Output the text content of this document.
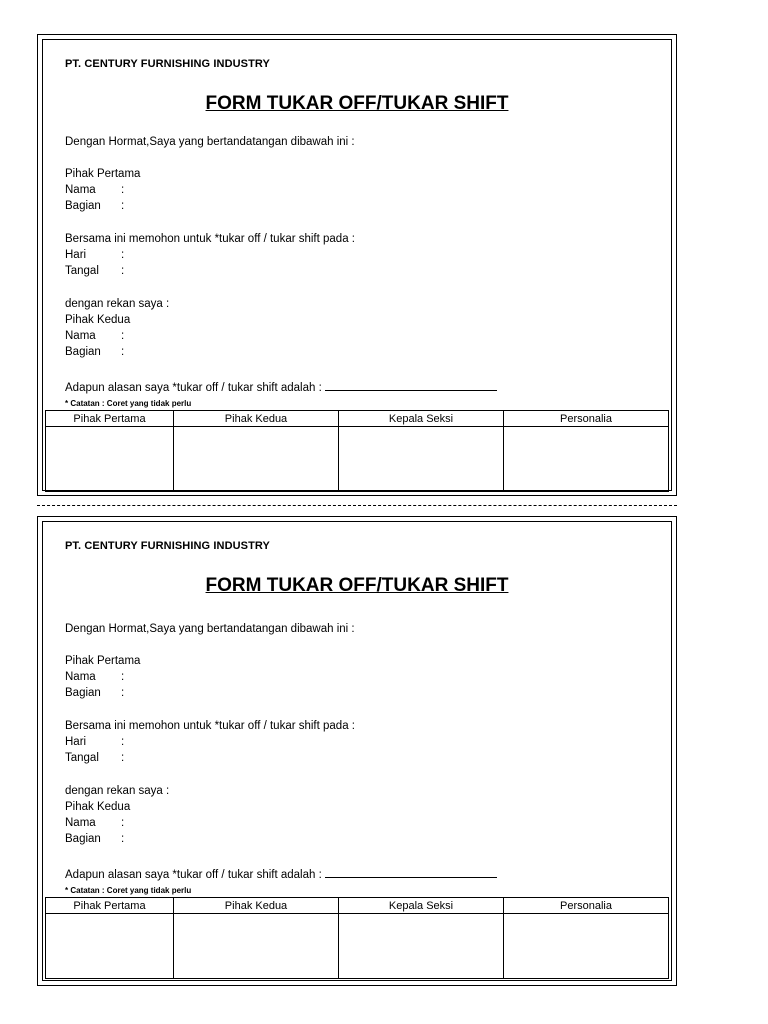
PT. CENTURY FURNISHING INDUSTRY
FORM TUKAR OFF/TUKAR SHIFT
Dengan Hormat,Saya yang bertandatangan dibawah ini :
Pihak Pertama
Nama :
Bagian :
Bersama ini memohon untuk *tukar off / tukar shift pada :
Hari	:
Tangal :
dengan rekan saya :
Pihak Kedua
Nama :
Bagian :
Adapun alasan saya *tukar off / tukar shift adalah :
* Catatan : Coret yang tidak perlu
Pihak Pertama	Pihak Kedua	Kepala Seksi	Personalia

PT. CENTURY FURNISHING INDUSTRY
FORM TUKAR OFF/TUKAR SHIFT
Dengan Hormat,Saya yang bertandatangan dibawah ini :
Pihak Pertama
Nama :
Bagian :
Bersama ini memohon untuk *tukar off / tukar shift pada :
Hari	:
Tangal :
dengan rekan saya :
Pihak Kedua
Nama :
Bagian :
Adapun alasan saya *tukar off / tukar shift adalah :
* Catatan : Coret yang tidak perlu
Pihak Pertama	Pihak Kedua	Kepala Seksi	Personalia
